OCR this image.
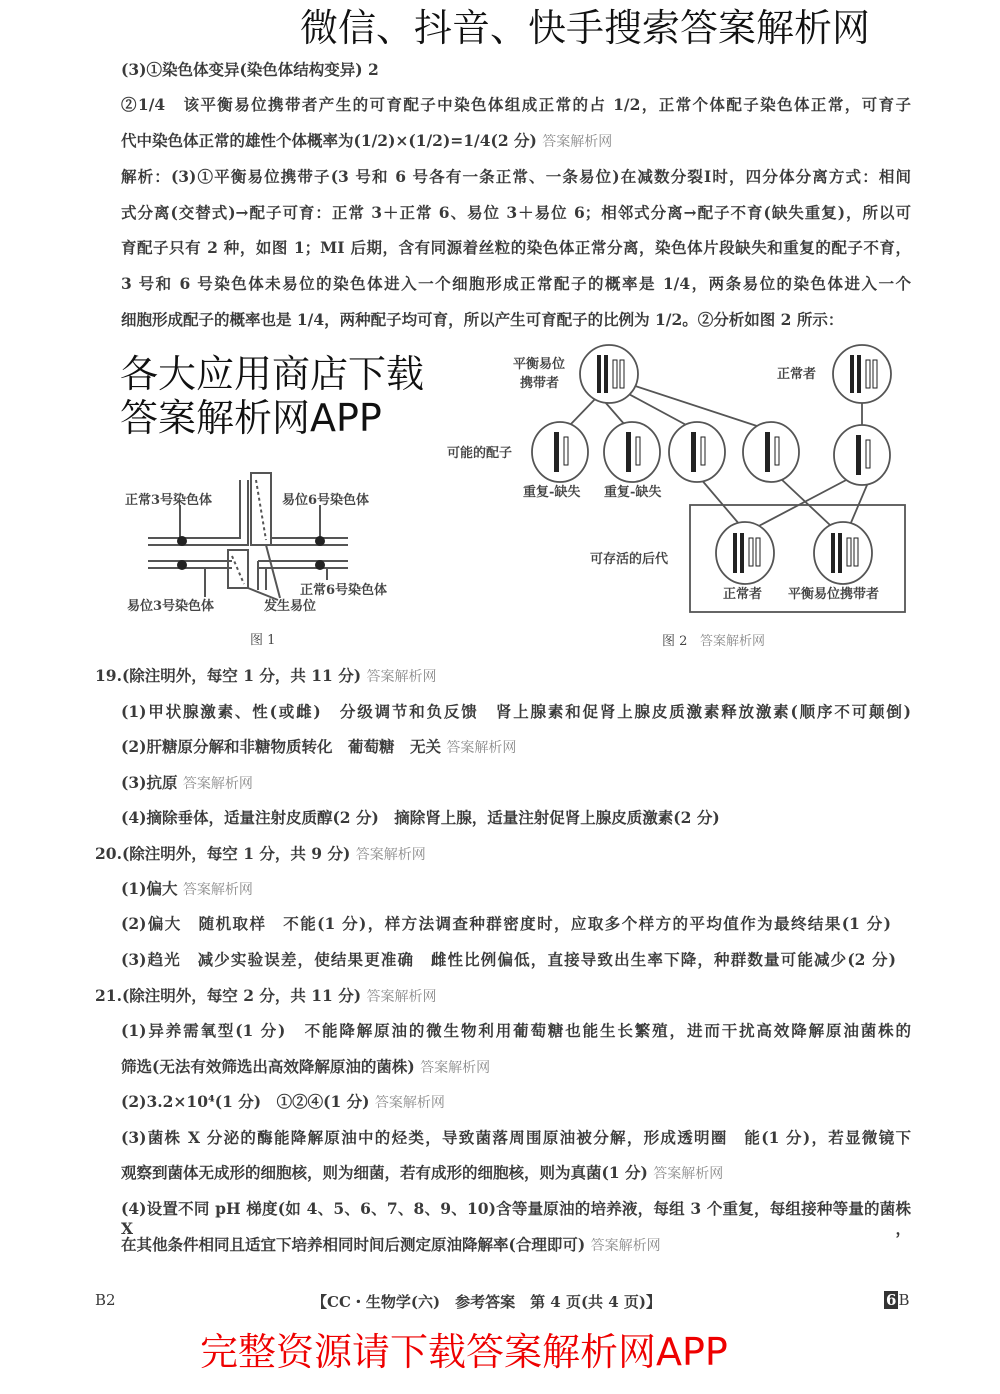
(3)①染色体变异(染色体结构变异) 2
②1/4　该平衡易位携带者产生的可育配子中染色体组成正常的占 1/2，正常个体配子染色体正常，可育子
代中染色体正常的雄性个体概率为(1/2)×(1/2)=1/4(2 分) 答案解析网
解析：(3)①平衡易位携带子(3 号和 6 号各有一条正常、一条易位)在减数分裂Ⅰ时，四分体分离方式：相间
式分离(交替式)→配子可育：正常 3＋正常 6、易位 3＋易位 6；相邻式分离→配子不育(缺失重复)，所以可
育配子只有 2 种，如图 1；MI 后期，含有同源着丝粒的染色体正常分离，染色体片段缺失和重复的配子不育，
3 号和 6 号染色体未易位的染色体进入一个细胞形成正常配子的概率是 1/4，两条易位的染色体进入一个
细胞形成配子的概率也是 1/4，两种配子均可育，所以产生可育配子的比例为 1/2。②分析如图 2 所示：
正常3号染色体	易位6号染色体
易位3号染色体
正常6号染色体
发生易位
图 1
平衡易位
携带者
正常者
可能的配子
重复-缺失 重复-缺失
可存活的后代
正常者 平衡易位携带者
图 2 答案解析网
19.(除注明外，每空 1 分，共 11 分) 答案解析网
(1)甲状腺激素、性(或雌)　分级调节和负反馈　肾上腺素和促肾上腺皮质激素释放激素(顺序不可颠倒)
(2)肝糖原分解和非糖物质转化　葡萄糖　无关 答案解析网
(3)抗原 答案解析网
(4)摘除垂体，适量注射皮质醇(2 分)　摘除肾上腺，适量注射促肾上腺皮质激素(2 分)
20.(除注明外，每空 1 分，共 9 分) 答案解析网
(1)偏大 答案解析网
(2)偏大　随机取样　不能(1 分)，样方法调查种群密度时，应取多个样方的平均值作为最终结果(1 分)
(3)趋光　减少实验误差，使结果更准确　雌性比例偏低，直接导致出生率下降，种群数量可能减少(2 分)
21.(除注明外，每空 2 分，共 11 分) 答案解析网
(1)异养需氧型(1 分)　不能降解原油的微生物利用葡萄糖也能生长繁殖，进而干扰高效降解原油菌株的
筛选(无法有效筛选出高效降解原油的菌株) 答案解析网
(2)3.2×10⁴(1 分)　①②④(1 分) 答案解析网
(3)菌株 X 分泌的酶能降解原油中的烃类，导致菌落周围原油被分解，形成透明圈　能(1 分)，若显微镜下
观察到菌体无成形的细胞核，则为细菌，若有成形的细胞核，则为真菌(1 分) 答案解析网
(4)设置不同 pH 梯度(如 4、5、6、7、8、9、10)含等量原油的培养液，每组 3 个重复，每组接种等量的菌株 X，
在其他条件相同且适宜下培养相同时间后测定原油降解率(合理即可) 答案解析网
B2	【CC・生物学(六)　参考答案　第 4 页(共 4 页)】	6 B
各大应用商店下载答案解析网APP
完整资源请下载答案解析网APP
微信、抖音、快手搜索答案解析网
